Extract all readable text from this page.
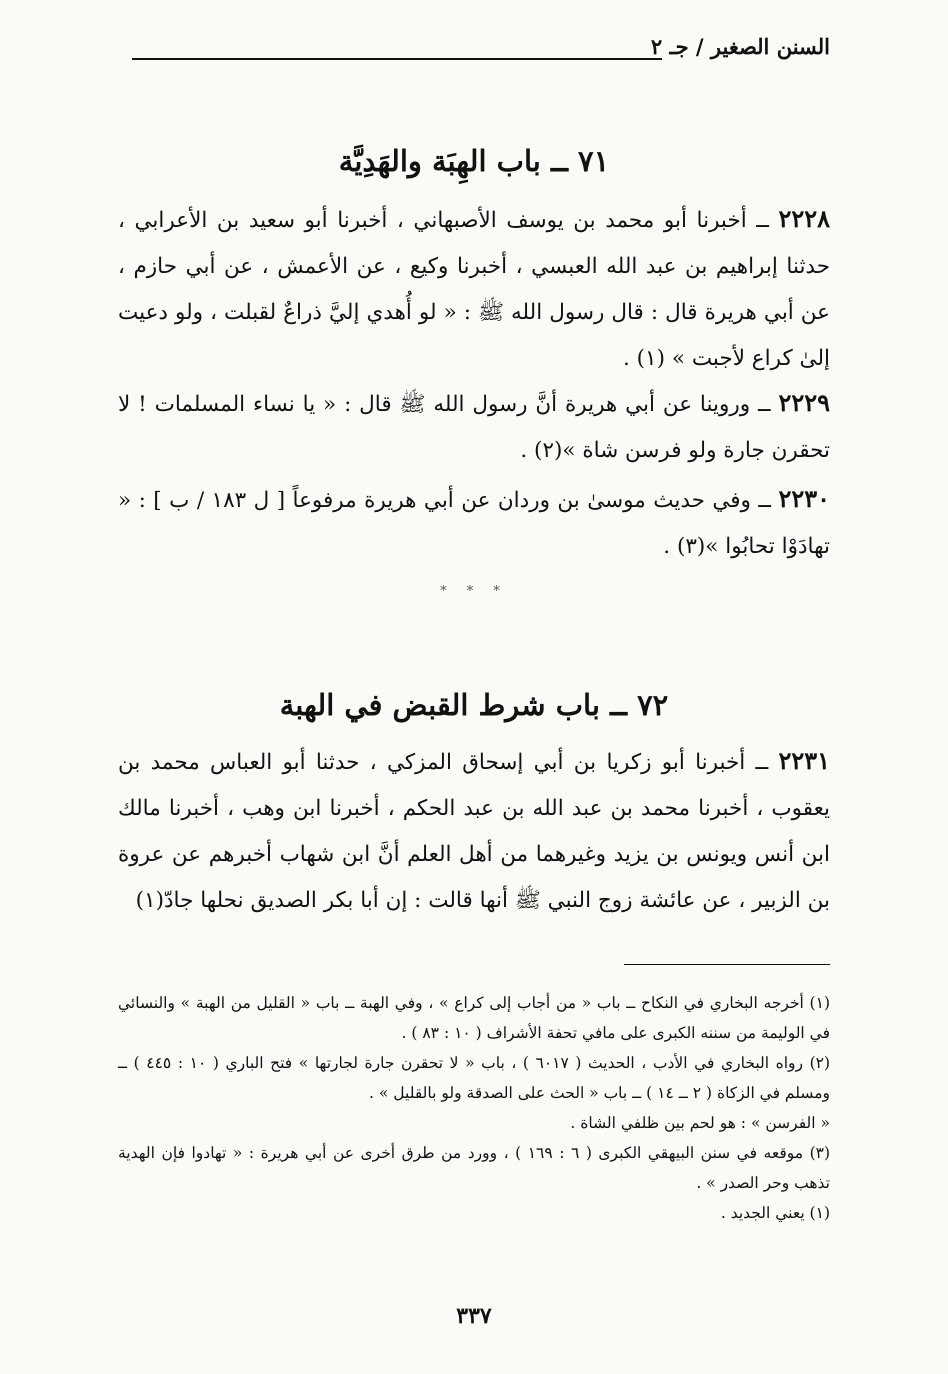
السنن الصغير / جـ ٢
٧١ ــ باب الهِبَة والهَدِيَّة
٢٢٢٨ ــ أخبرنا أبو محمد بن يوسف الأصبهاني ، أخبرنا أبو سعيد بن الأعرابي ، حدثنا إبراهيم بن عبد الله العبسي ، أخبرنا وكيع ، عن الأعمش ، عن أبي حازم ، عن أبي هريرة قال : قال رسول الله ﷺ : « لو أُهدي إليَّ ذراعٌ لقبلت ، ولو دعيت إلىٰ كراع لأجبت » (١) .
٢٢٢٩ ــ وروينا عن أبي هريرة أنَّ رسول الله ﷺ قال : « يا نساء المسلمات ! لا تحقرن جارة ولو فرسن شاة »(٢) .
٢٢٣٠ ــ وفي حديث موسىٰ بن وردان عن أبي هريرة مرفوعاً [ ل ١٨٣ / ب ] : « تهادَوْا تحابُوا »(٣) .
* * *
٧٢ ــ باب شرط القبض في الهبة
٢٢٣١ ــ أخبرنا أبو زكريا بن أبي إسحاق المزكي ، حدثنا أبو العباس محمد بن يعقوب ، أخبرنا محمد بن عبد الله بن عبد الحكم ، أخبرنا ابن وهب ، أخبرنا مالك ابن أنس ويونس بن يزيد وغيرهما من أهل العلم أنَّ ابن شهاب أخبرهم عن عروة بن الزبير ، عن عائشة زوج النبي ﷺ أنها قالت : إن أبا بكر الصديق نحلها جادّ(١)
(١) أخرجه البخاري في النكاح ــ باب « من أجاب إلى كراع » ، وفي الهبة ــ باب « القليل من الهبة » والنسائي في الوليمة من سننه الكبرى على مافي تحفة الأشراف ( ١٠ : ٨٣ ) .
(٢) رواه البخاري في الأدب ، الحديث ( ٦٠١٧ ) ، باب « لا تحقرن جارة لجارتها » فتح الباري ( ١٠ : ٤٤٥ ) ــ ومسلم في الزكاة ( ٢ ــ ١٤ ) ــ باب « الحث على الصدقة ولو بالقليل » .
« الفرسن » : هو لحم بين ظلفي الشاة .
(٣) موقعه في سنن البيهقي الكبرى ( ٦ : ١٦٩ ) ، وورد من طرق أخرى عن أبي هريرة : « تهادوا فإن الهدية تذهب وحر الصدر » .
(١) يعني الجديد .
٣٣٧
